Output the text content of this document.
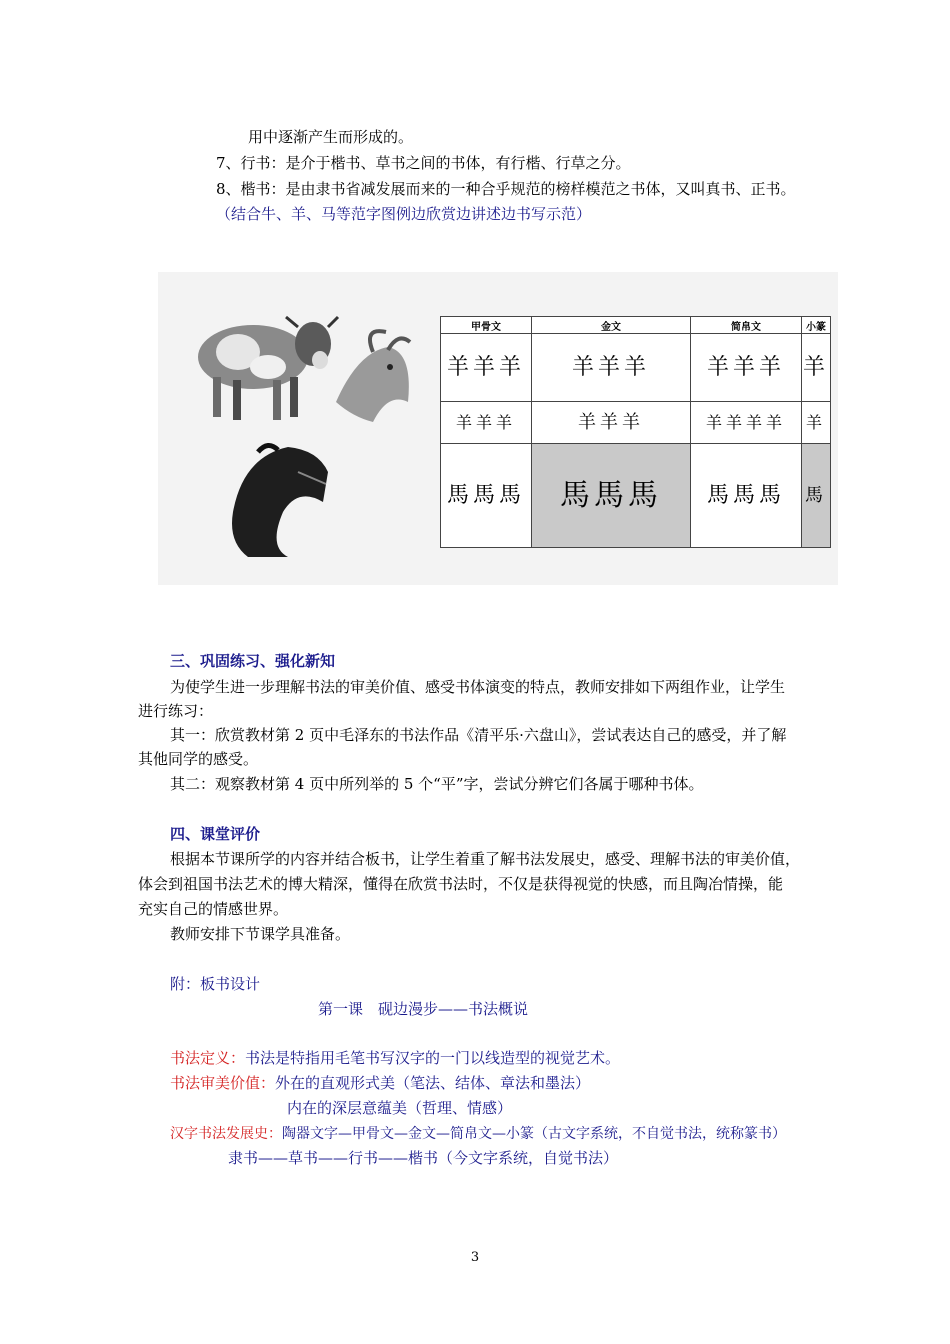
用中逐渐产生而形成的。
7、行书：是介于楷书、草书之间的书体，有行楷、行草之分。
8、楷书：是由隶书省减发展而来的一种合乎规范的榜样模范之书体，又叫真书、正书。
（结合牛、羊、马等范字图例边欣赏边讲述边书写示范）
甲骨文	金文	简帛文	小篆
羊羊羊	羊羊羊	羊羊羊	羊
羊羊羊	羊羊羊	羊羊羊羊	羊
馬馬馬	馬馬馬	馬馬馬	馬
三、巩固练习、强化新知
为使学生进一步理解书法的审美价值、感受书体演变的特点，教师安排如下两组作业，让学生
进行练习：
其一：欣赏教材第 2 页中毛泽东的书法作品《清平乐·六盘山》，尝试表达自己的感受，并了解
其他同学的感受。
其二：观察教材第 4 页中所列举的 5 个“平”字，尝试分辨它们各属于哪种书体。
四、课堂评价
根据本节课所学的内容并结合板书，让学生着重了解书法发展史，感受、理解书法的审美价值，
体会到祖国书法艺术的博大精深，懂得在欣赏书法时，不仅是获得视觉的快感，而且陶冶情操，能
充实自己的情感世界。
教师安排下节课学具准备。
附：板书设计
第一课　砚边漫步——书法概说
书法定义：书法是特指用毛笔书写汉字的一门以线造型的视觉艺术。
书法审美价值：外在的直观形式美（笔法、结体、章法和墨法）
内在的深层意蕴美（哲理、情感）
汉字书法发展史：陶器文字—甲骨文—金文—简帛文—小篆（古文字系统，不自觉书法，统称篆书）
隶书——草书——行书——楷书（今文字系统，自觉书法）
3
